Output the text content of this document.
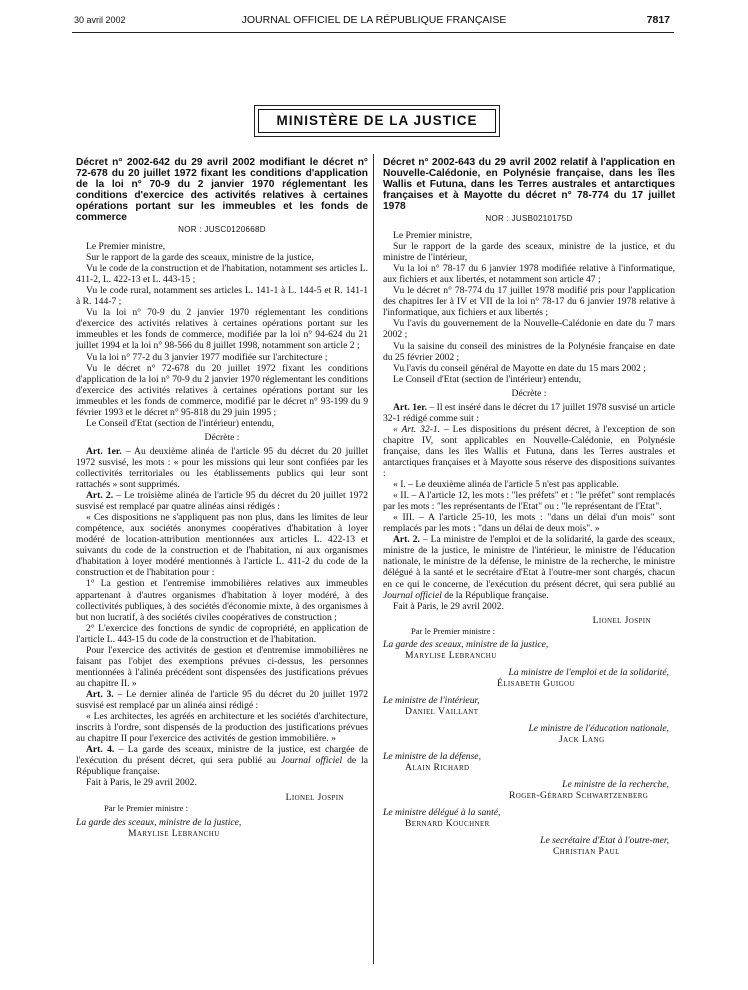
30 avril 2002	JOURNAL OFFICIEL DE LA RÉPUBLIQUE FRANÇAISE	7817
MINISTÈRE DE LA JUSTICE

Décret n° 2002-642 du 29 avril 2002 modifiant le décret n° 72-678 du 20 juillet 1972 fixant les conditions d'application de la loi n° 70-9 du 2 janvier 1970 réglementant les conditions d'exercice des activités relatives à certaines opérations portant sur les immeubles et les fonds de commerce

NOR : JUSC0120668D

Le Premier ministre,

Sur le rapport de la garde des sceaux, ministre de la justice,

Vu le code de la construction et de l'habitation, notamment ses articles L. 411-2, L. 422-13 et L. 443-15 ;

Vu le code rural, notamment ses articles L. 141-1 à L. 144-5 et R. 141-1 à R. 144-7 ;

Vu la loi n° 70-9 du 2 janvier 1970 réglementant les conditions d'exercice des activités relatives à certaines opérations portant sur les immeubles et les fonds de commerce, modifiée par la loi n° 94-624 du 21 juillet 1994 et la loi n° 98-566 du 8 juillet 1998, notamment son article 2 ;

Vu la loi n° 77-2 du 3 janvier 1977 modifiée sur l'architecture ;

Vu le décret n° 72-678 du 20 juillet 1972 fixant les conditions d'application de la loi n° 70-9 du 2 janvier 1970 réglementant les conditions d'exercice des activités relatives à certaines opérations portant sur les immeubles et les fonds de commerce, modifié par le décret n° 93-199 du 9 février 1993 et le décret n° 95-818 du 29 juin 1995 ;

Le Conseil d'Etat (section de l'intérieur) entendu,

Décrète :

Art. 1er. – Au deuxième alinéa de l'article 95 du décret du 20 juillet 1972 susvisé, les mots : « pour les missions qui leur sont confiées par les collectivités territoriales ou les établissements publics qui leur sont rattachés » sont supprimés.

Art. 2. – Le troisième alinéa de l'article 95 du décret du 20 juillet 1972 susvisé est remplacé par quatre alinéas ainsi rédigés :

« Ces dispositions ne s'appliquent pas non plus, dans les limites de leur compétence, aux sociétés anonymes coopératives d'habitation à loyer modéré de location-attribution mentionnées aux articles L. 422-13 et suivants du code de la construction et de l'habitation, ni aux organismes d'habitation à loyer modéré mentionnés à l'article L. 411-2 du code de la construction et de l'habitation pour :

1° La gestion et l'entremise immobilières relatives aux immeubles appartenant à d'autres organismes d'habitation à loyer modéré, à des collectivités publiques, à des sociétés d'économie mixte, à des organismes à but non lucratif, à des sociétés civiles coopératives de construction ;

2° L'exercice des fonctions de syndic de copropriété, en application de l'article L. 443-15 du code de la construction et de l'habitation.

Pour l'exercice des activités de gestion et d'entremise immobilières ne faisant pas l'objet des exemptions prévues ci-dessus, les personnes mentionnées à l'alinéa précédent sont dispensées des justifications prévues au chapitre II. »

Art. 3. – Le dernier alinéa de l'article 95 du décret du 20 juillet 1972 susvisé est remplacé par un alinéa ainsi rédigé :

« Les architectes, les agréés en architecture et les sociétés d'architecture, inscrits à l'ordre, sont dispensés de la production des justifications prévues au chapitre II pour l'exercice des activités de gestion immobilière. »

Art. 4. – La garde des sceaux, ministre de la justice, est chargée de l'exécution du présent décret, qui sera publié au Journal officiel de la République française.

Fait à Paris, le 29 avril 2002.

Lionel Jospin

Par le Premier ministre :

La garde des sceaux, ministre de la justice,

Marylise Lebranchu

Décret n° 2002-643 du 29 avril 2002 relatif à l'application en Nouvelle-Calédonie, en Polynésie française, dans les îles Wallis et Futuna, dans les Terres australes et antarctiques françaises et à Mayotte du décret n° 78-774 du 17 juillet 1978

NOR : JUSB0210175D

Le Premier ministre,

Sur le rapport de la garde des sceaux, ministre de la justice, et du ministre de l'intérieur,

Vu la loi n° 78-17 du 6 janvier 1978 modifiée relative à l'informatique, aux fichiers et aux libertés, et notamment son article 47 ;

Vu le décret n° 78-774 du 17 juillet 1978 modifié pris pour l'application des chapitres Ier à IV et VII de la loi n° 78-17 du 6 janvier 1978 relative à l'informatique, aux fichiers et aux libertés ;

Vu l'avis du gouvernement de la Nouvelle-Calédonie en date du 7 mars 2002 ;

Vu la saisine du conseil des ministres de la Polynésie française en date du 25 février 2002 ;

Vu l'avis du conseil général de Mayotte en date du 15 mars 2002 ;

Le Conseil d'Etat (section de l'intérieur) entendu,

Décrète :

Art. 1er. – Il est inséré dans le décret du 17 juillet 1978 susvisé un article 32-1 rédigé comme suit :

« Art. 32-1. – Les dispositions du présent décret, à l'exception de son chapitre IV, sont applicables en Nouvelle-Calédonie, en Polynésie française, dans les îles Wallis et Futuna, dans les Terres australes et antarctiques françaises et à Mayotte sous réserve des dispositions suivantes :

« I. – Le deuxième alinéa de l'article 5 n'est pas applicable.

« II. – A l'article 12, les mots : "les préfets" et : "le préfet" sont remplacés par les mots : "les représentants de l'Etat" ou : "le représentant de l'Etat".

« III. – A l'article 25-10, les mots : "dans un délai d'un mois" sont remplacés par les mots : "dans un délai de deux mois". »

Art. 2. – La ministre de l'emploi et de la solidarité, la garde des sceaux, ministre de la justice, le ministre de l'intérieur, le ministre de l'éducation nationale, le ministre de la défense, le ministre de la recherche, le ministre délégué à la santé et le secrétaire d'Etat à l'outre-mer sont chargés, chacun en ce qui le concerne, de l'exécution du présent décret, qui sera publié au Journal officiel de la République française.

Fait à Paris, le 29 avril 2002.

Lionel Jospin

Par le Premier ministre :

La garde des sceaux, ministre de la justice,

Marylise Lebranchu

La ministre de l'emploi et de la solidarité,

Élisabeth Guigou

Le ministre de l'intérieur,

Daniel Vaillant

Le ministre de l'éducation nationale,

Jack Lang

Le ministre de la défense,

Alain Richard

Le ministre de la recherche,

Roger-Gérard Schwartzenberg

Le ministre délégué à la santé,

Bernard Kouchner

Le secrétaire d'Etat à l'outre-mer,

Christian Paul
